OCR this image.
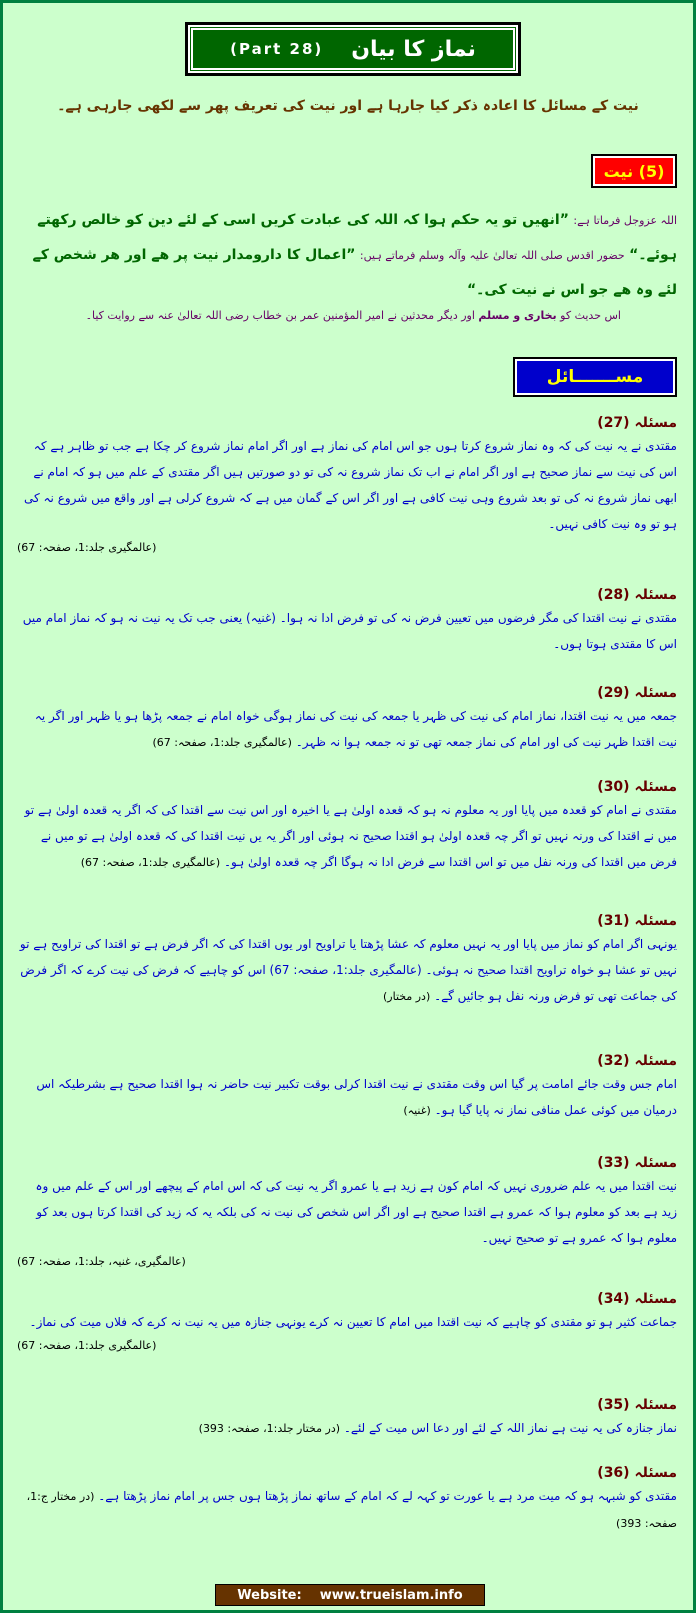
(Part 28) نماز کا بیان
نیت کے مسائل کا اعادہ ذکر کیا جارہا ہے اور نیت کی تعریف پھر سے لکھی جارہی ہے۔
(5) نیت
اللہ عزوجل فرماتا ہے: ”انھیں تو یہ حکم ہوا کہ اللہ کی عبادت کریں اسی کے لئے دین کو خالص رکھتے ہوئے۔“ حضور اقدس صلی اللہ تعالیٰ علیہ وآلہ وسلم فرماتے ہیں: ”اعمال کا دارومدار نیت پر ھے اور ھر شخص کے لئے وہ ھے جو اس نے نیت کی۔“
اس حدیث کو بخاری و مسلم اور دیگر محدثین نے امیر المؤمنین عمر بن خطاب رضی اللہ تعالیٰ عنہ سے روایت کیا۔
مســـــــائل
مسئلہ (27)
مقتدی نے یہ نیت کی کہ وہ نماز شروع کرتا ہوں جو اس امام کی نماز ہے اور اگر امام نماز شروع کر چکا ہے جب تو ظاہر ہے کہ اس کی نیت سے نماز صحیح ہے اور اگر امام نے اب تک نماز شروع نہ کی تو دو صورتیں ہیں اگر مقتدی کے علم میں ہو کہ امام نے ابھی نماز شروع نہ کی تو بعد شروع وہی نیت کافی ہے اور اگر اس کے گمان میں ہے کہ شروع کرلی ہے اور واقع میں شروع نہ کی ہو تو وہ نیت کافی نہیں۔
(عالمگیری جلد:1، صفحہ: 67)
مسئلہ (28)
مقتدی نے نیت اقتدا کی مگر فرضوں میں تعیین فرض نہ کی تو فرض ادا نہ ہوا۔ (غنیہ) یعنی جب تک یہ نیت نہ ہو کہ نماز امام میں اس کا مقتدی ہوتا ہوں۔
مسئلہ (29)
جمعہ میں یہ نیت اقتدا، نماز امام کی نیت کی ظہر یا جمعہ کی نیت کی نماز ہوگی خواہ امام نے جمعہ پڑھا ہو یا ظہر اور اگر یہ نیت اقتدا ظہر نیت کی اور امام کی نماز جمعہ تھی تو نہ جمعہ ہوا نہ ظہر۔ (عالمگیری جلد:1، صفحہ: 67)
مسئلہ (30)
مقتدی نے امام کو قعدہ میں پایا اور یہ معلوم نہ ہو کہ قعدہ اولیٰ ہے یا اخیرہ اور اس نیت سے اقتدا کی کہ اگر یہ قعدہ اولیٰ ہے تو میں نے اقتدا کی ورنہ نہیں تو اگر چہ قعدہ اولیٰ ہو اقتدا صحیح نہ ہوئی اور اگر یہ یں نیت اقتدا کی کہ قعدہ اولیٰ ہے تو میں نے فرض میں اقتدا کی ورنہ نفل میں تو اس اقتدا سے فرض ادا نہ ہوگا اگر چہ قعدہ اولیٰ ہو۔ (عالمگیری جلد:1، صفحہ: 67)
مسئلہ (31)
یونہی اگر امام کو نماز میں پایا اور یہ نہیں معلوم کہ عشا پڑھتا یا تراویح اور یوں اقتدا کی کہ اگر فرض ہے تو اقتدا کی تراویح ہے تو نہیں تو عشا ہو خواہ تراویح اقتدا صحیح نہ ہوئی۔ (عالمگیری جلد:1، صفحہ: 67) اس کو چاہیے کہ فرض کی نیت کرے کہ اگر فرض کی جماعت تھی تو فرض ورنہ نفل ہو جائیں گے۔ (در مختار)
مسئلہ (32)
امام جس وقت جائے امامت پر گیا اس وقت مقتدی نے نیت اقتدا کرلی بوقت تکبیر نیت حاضر نہ ہوا اقتدا صحیح ہے بشرطیکہ اس درمیان میں کوئی عمل منافی نماز نہ پایا گیا ہو۔ (غنیہ)
مسئلہ (33)
نیت اقتدا میں یہ علم ضروری نہیں کہ امام کون ہے زید ہے یا عمرو اگر یہ نیت کی کہ اس امام کے پیچھے اور اس کے علم میں وہ زید ہے بعد کو معلوم ہوا کہ عمرو ہے اقتدا صحیح ہے اور اگر اس شخص کی نیت نہ کی بلکہ یہ کہ زید کی اقتدا کرتا ہوں بعد کو معلوم ہوا کہ عمرو ہے تو صحیح نہیں۔
(عالمگیری، غنیہ، جلد:1، صفحہ: 67)
مسئلہ (34)
جماعت کثیر ہو تو مقتدی کو چاہیے کہ نیت اقتدا میں امام کا تعیین نہ کرے یونہی جنازہ میں یہ نیت نہ کرے کہ فلاں میت کی نماز۔
(عالمگیری جلد:1، صفحہ: 67)
مسئلہ (35)
نماز جنازہ کی یہ نیت ہے نماز اللہ کے لئے اور دعا اس میت کے لئے۔ (در مختار جلد:1، صفحہ: 393)
مسئلہ (36)
مقتدی کو شبہہ ہو کہ میت مرد ہے یا عورت تو کہہ لے کہ امام کے ساتھ نماز پڑھتا ہوں جس پر امام نماز پڑھتا ہے۔ (در مختار ج:1، صفحہ: 393)
Website: www.trueislam.info
